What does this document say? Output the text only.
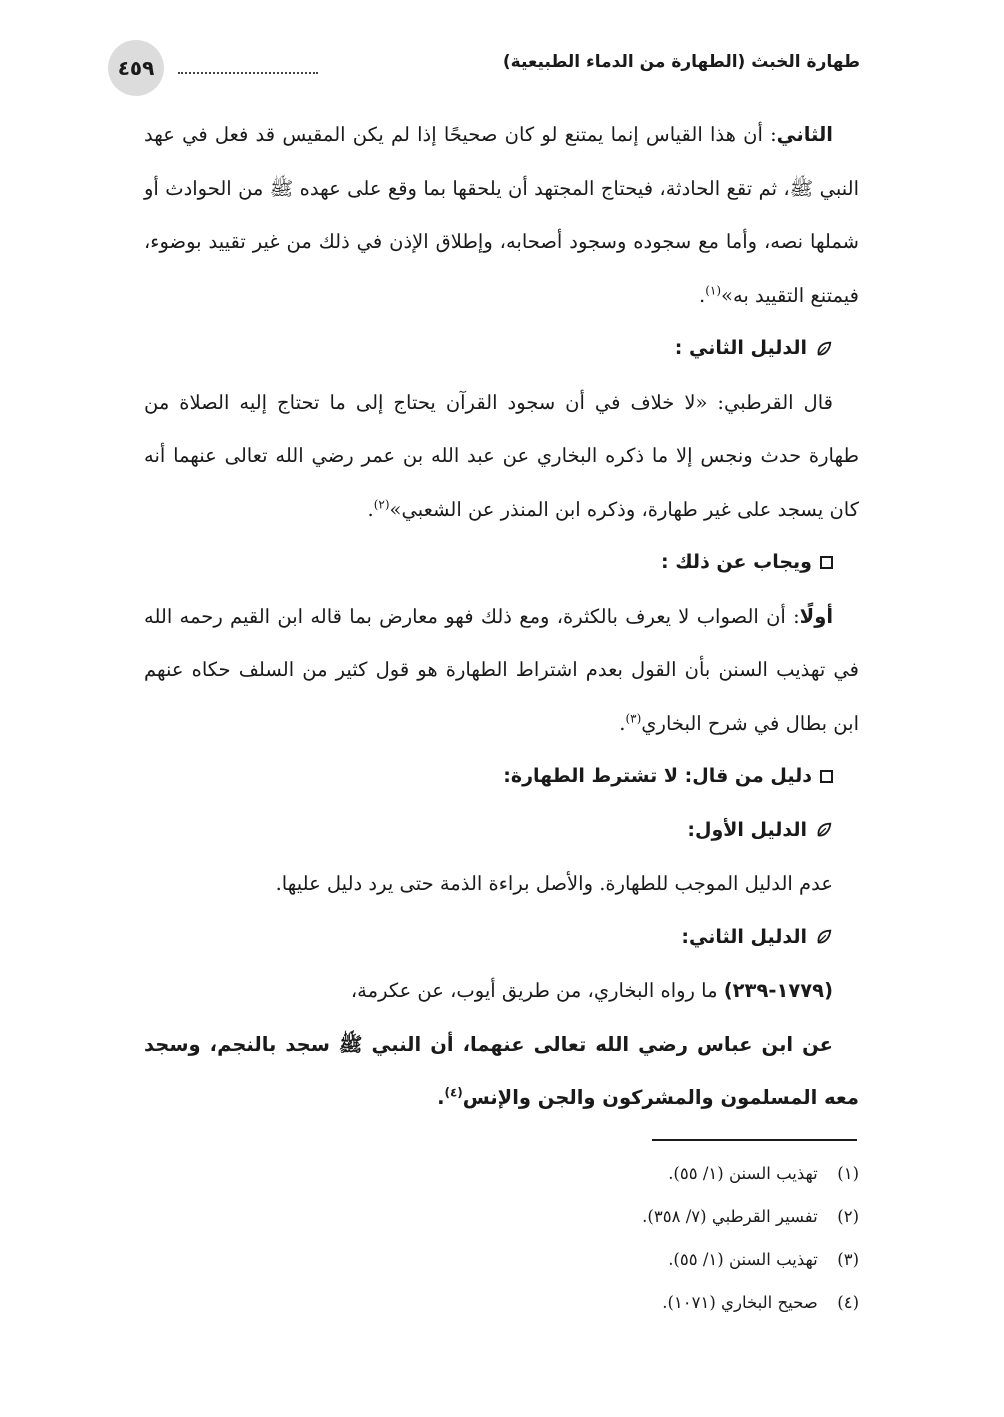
٤٥٩	طهارة الخبث (الطهارة من الدماء الطبيعية)

الثاني: أن هذا القياس إنما يمتنع لو كان صحيحًا إذا لم يكن المقيس قد فعل في عهد النبي ﷺ، ثم تقع الحادثة، فيحتاج المجتهد أن يلحقها بما وقع على عهده ﷺ من الحوادث أو شملها نصه، وأما مع سجوده وسجود أصحابه، وإطلاق الإذن في ذلك من غير تقييد بوضوء، فيمتنع التقييد به»$^{(١)}$.

الدليل الثاني :

قال القرطبي: «لا خلاف في أن سجود القرآن يحتاج إلى ما تحتاج إليه الصلاة من طهارة حدث ونجس إلا ما ذكره البخاري عن عبد الله بن عمر رضي الله تعالى عنهما أنه كان يسجد على غير طهارة، وذكره ابن المنذر عن الشعبي»$^{(٢)}$.

ويجاب عن ذلك :

أولًا: أن الصواب لا يعرف بالكثرة، ومع ذلك فهو معارض بما قاله ابن القيم رحمه الله في تهذيب السنن بأن القول بعدم اشتراط الطهارة هو قول كثير من السلف حكاه عنهم ابن بطال في شرح البخاري$^{(٣)}$.

دليل من قال: لا تشترط الطهارة:
الدليل الأول:

عدم الدليل الموجب للطهارة. والأصل براءة الذمة حتى يرد دليل عليها.

الدليل الثاني:

(١٧٧٩-٢٣٩) ما رواه البخاري، من طريق أيوب، عن عكرمة،

عن ابن عباس رضي الله تعالى عنهما، أن النبي ﷺ سجد بالنجم، وسجد معه المسلمون والمشركون والجن والإنس$^{(٤)}$.

(١) تهذيب السنن (١/ ٥٥).

(٢) تفسير القرطبي (٧/ ٣٥٨).

(٣) تهذيب السنن (١/ ٥٥).

(٤) صحيح البخاري (١٠٧١).
